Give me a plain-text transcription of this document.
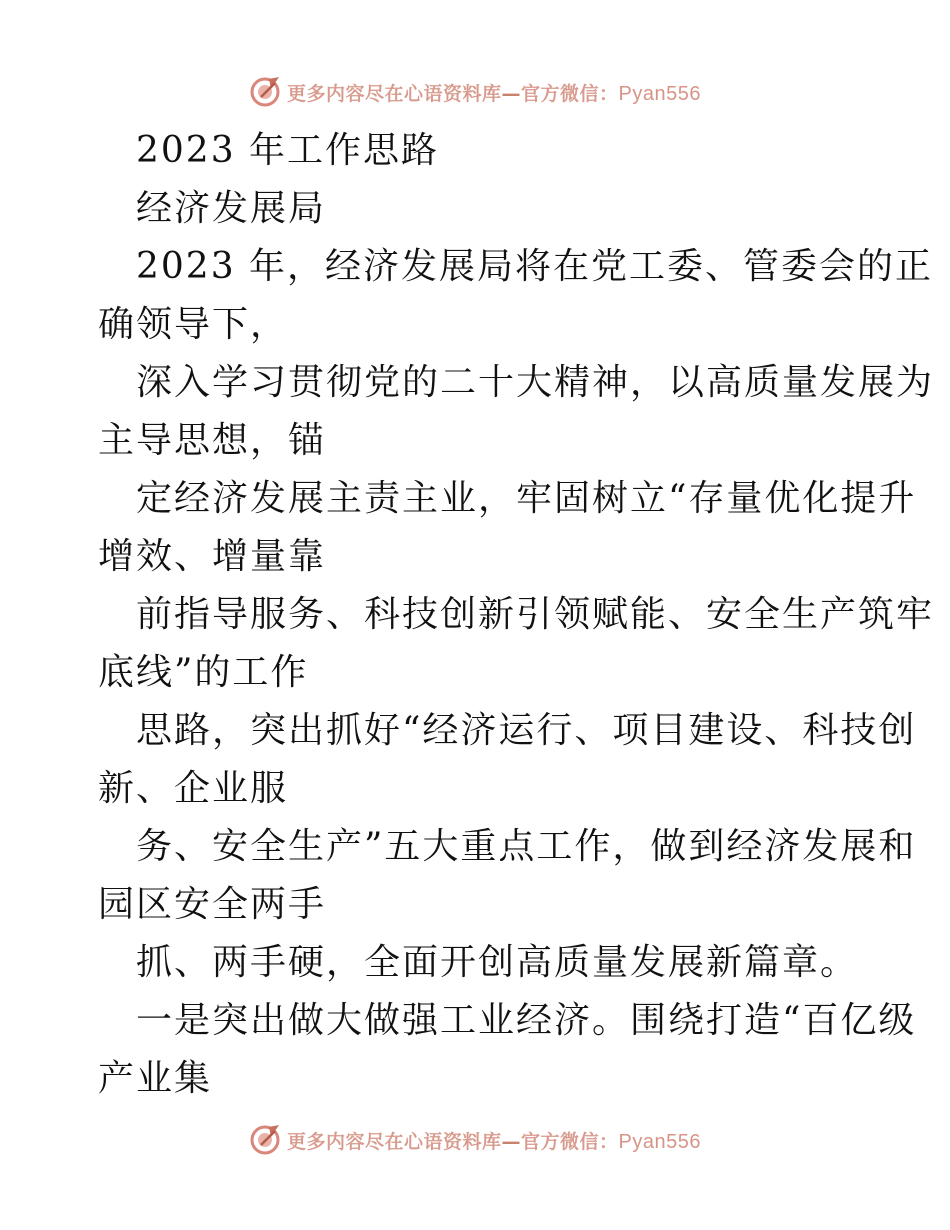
更多内容尽在心语资料库—官方微信：Pyan556
2023 年工作思路
经济发展局
2023 年，经济发展局将在党工委、管委会的正
确领导下，
深入学习贯彻党的二十大精神，以高质量发展为
主导思想，锚
定经济发展主责主业，牢固树立“存量优化提升
增效、增量靠
前指导服务、科技创新引领赋能、安全生产筑牢
底线”的工作
思路，突出抓好“经济运行、项目建设、科技创
新、企业服
务、安全生产”五大重点工作，做到经济发展和
园区安全两手
抓、两手硬，全面开创高质量发展新篇章。
一是突出做大做强工业经济。围绕打造“百亿级
产业集
更多内容尽在心语资料库—官方微信：Pyan556
